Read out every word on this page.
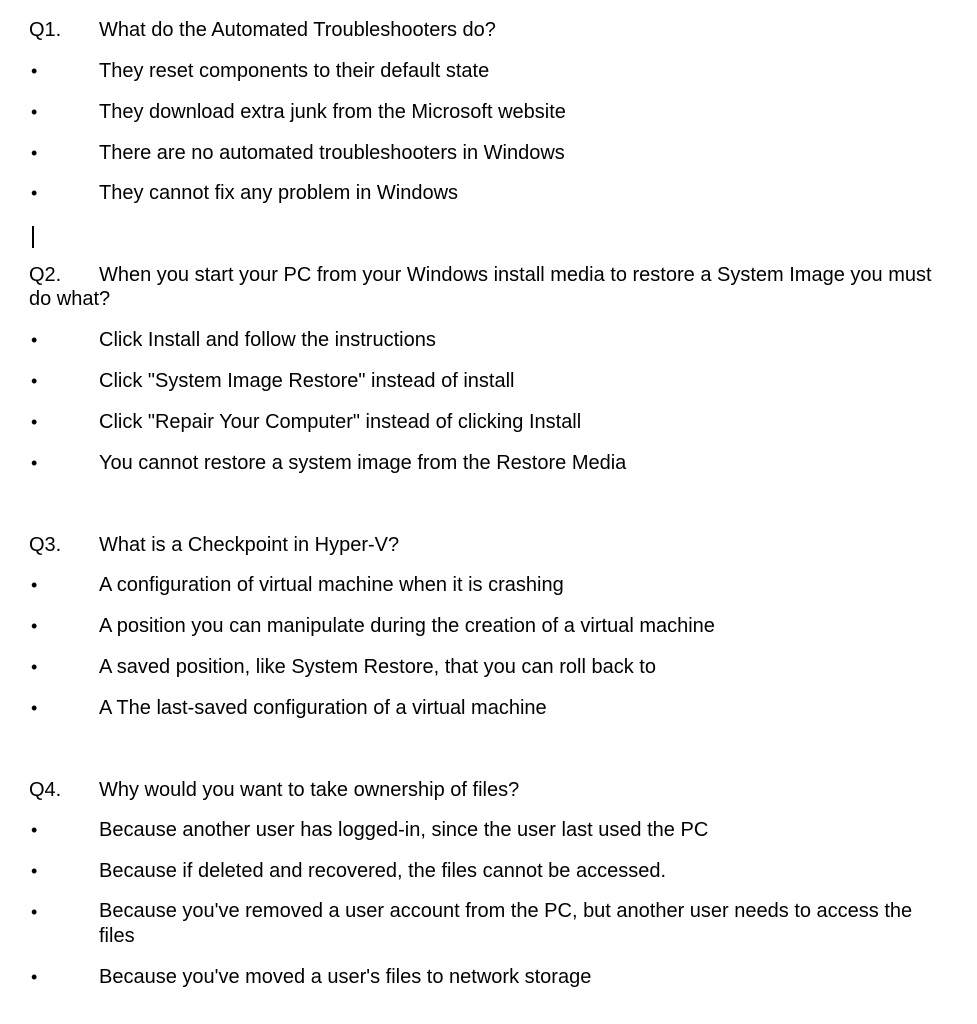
Q1. What do the Automated Troubleshooters do?
•	They reset components to their default state
•	They download extra junk from the Microsoft website
•	There are no automated troubleshooters in Windows
•	They cannot fix any problem in Windows
Q2. When you start your PC from your Windows install media to restore a System Image you must do what?
•	Click Install and follow the instructions
•	Click "System Image Restore" instead of install
•	Click "Repair Your Computer" instead of clicking Install
•	You cannot restore a system image from the Restore Media
Q3. What is a Checkpoint in Hyper-V?
•	A configuration of virtual machine when it is crashing
•	A position you can manipulate during the creation of a virtual machine
•	A saved position, like System Restore, that you can roll back to
•	A The last-saved configuration of a virtual machine
Q4. Why would you want to take ownership of files?
•	Because another user has logged-in, since the user last used the PC
•	Because if deleted and recovered, the files cannot be accessed.
•	Because you've removed a user account from the PC, but another user needs to access the files
•	Because you've moved a user's files to network storage
